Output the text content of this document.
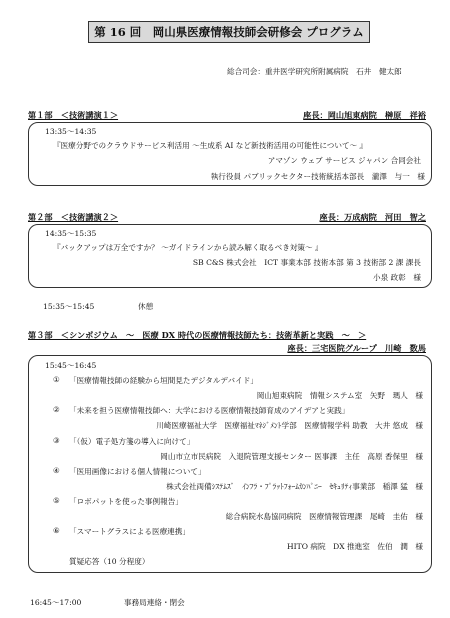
第 16 回　岡山県医療情報技師会研修会 プログラム
総合司会：重井医学研究所附属病院　石井　健太郎
第１部　＜技術講演１＞	座長：岡山旭東病院　榊原　祥裕
13:35～14:35
『医療分野でのクラウドサービス利活用 ～生成系 AI など新技術活用の可能性について～ 』
アマゾン ウェブ サービス ジャパン 合同会社
執行役員 パブリックセクター技術統括本部長　瀧澤　与一　様
第２部　＜技術講演２＞	座長：万成病院　河田　智之
14:35～15:35
『バックアップは万全ですか？ ～ガイドラインから読み解く取るべき対策～ 』
SB C&S 株式会社　ICT 事業本部 技術本部 第 3 技術部 2 課 課長
小泉 政彰　様
15:35～15:45	休憩
第３部　＜シンポジウム　～　医療 DX 時代の医療情報技師たち：技術革新と実践　～　＞
座長：三宅医院グループ　川崎　数馬
15:45～16:45
① 「医療情報技師の経験から垣間見たデジタルデバイド」
岡山旭東病院　情報システム室　矢野　瑪人　様
② 「未来を担う医療情報技師へ：大学における医療情報技師育成のアイデアと実践」
川崎医療福祉大学　医療福祉ﾏﾈｼﾞﾒﾝﾄ学部　医療情報学科 助教　大井 悠成　様
③ 「（仮）電子処方箋の導入に向けて」
岡山市立市民病院　入退院管理支援センター 医事課　主任　高原 香保里　様
④ 「医用画像における個人情報について」
株式会社両備ｼｽﾃﾑｽﾞ　ｲﾝﾌﾗ・ﾌﾟﾗｯﾄﾌｫｰﾑｶﾝﾊﾟﾆｰ　ｾｷｭﾘﾃｨ事業部　稲澤 猛　様
⑤ 「ロボパットを使った事例報告」
総合病院水島協同病院　医療情報管理課　尾崎　圭佑　様
⑥ 「スマートグラスによる医療連携」
HITO 病院　DX 推進室　佐伯　潤　様
質疑応答（10 分程度）
16:45～17:00	事務局連絡・閉会
